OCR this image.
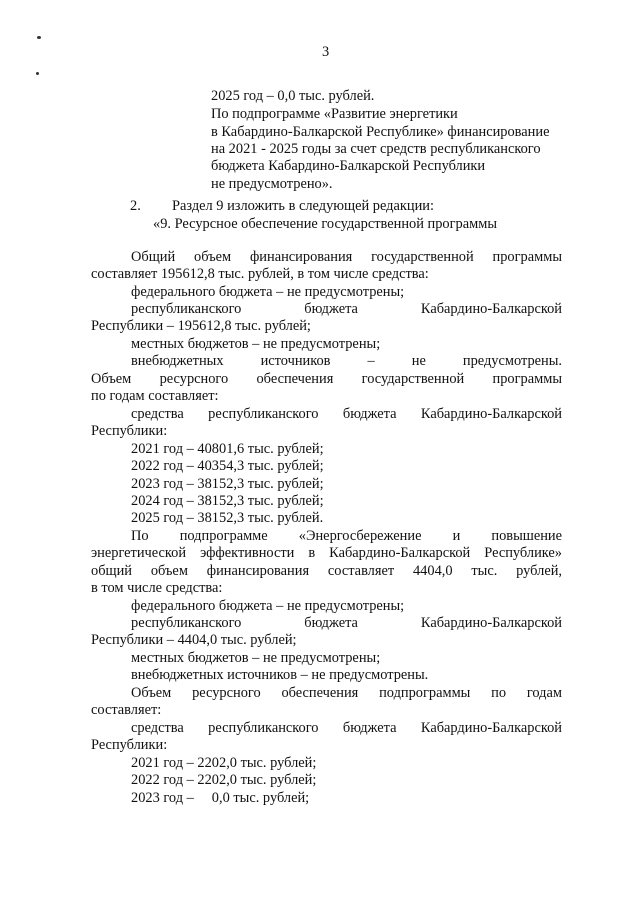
3
2025 год – 0,0 тыс. рублей.
По подпрограмме «Развитие энергетики
в Кабардино-Балкарской Республике» финансирование
на 2021 - 2025 годы за счет средств республиканского
бюджета Кабардино-Балкарской Республики
не предусмотрено».
2. Раздел 9 изложить в следующей редакции:
«9. Ресурсное обеспечение государственной программы
Общий объем финансирования государственной программы
составляет 195612,8 тыс. рублей, в том числе средства:
федерального бюджета – не предусмотрены;
республиканского бюджета Кабардино-Балкарской
Республики – 195612,8 тыс. рублей;
местных бюджетов – не предусмотрены;
внебюджетных источников – не предусмотрены.
Объем ресурсного обеспечения государственной программы
по годам составляет:
средства республиканского бюджета Кабардино-Балкарской
Республики:
2021 год – 40801,6 тыс. рублей;
2022 год – 40354,3 тыс. рублей;
2023 год – 38152,3 тыс. рублей;
2024 год – 38152,3 тыс. рублей;
2025 год – 38152,3 тыс. рублей.
По подпрограмме «Энергосбережение и повышение
энергетической эффективности в Кабардино-Балкарской Республике»
общий объем финансирования составляет 4404,0 тыс. рублей,
в том числе средства:
федерального бюджета – не предусмотрены;
республиканского бюджета Кабардино-Балкарской
Республики – 4404,0 тыс. рублей;
местных бюджетов – не предусмотрены;
внебюджетных источников – не предусмотрены.
Объем ресурсного обеспечения подпрограммы по годам
составляет:
средства республиканского бюджета Кабардино-Балкарской
Республики:
2021 год – 2202,0 тыс. рублей;
2022 год – 2202,0 тыс. рублей;
2023 год –     0,0 тыс. рублей;
